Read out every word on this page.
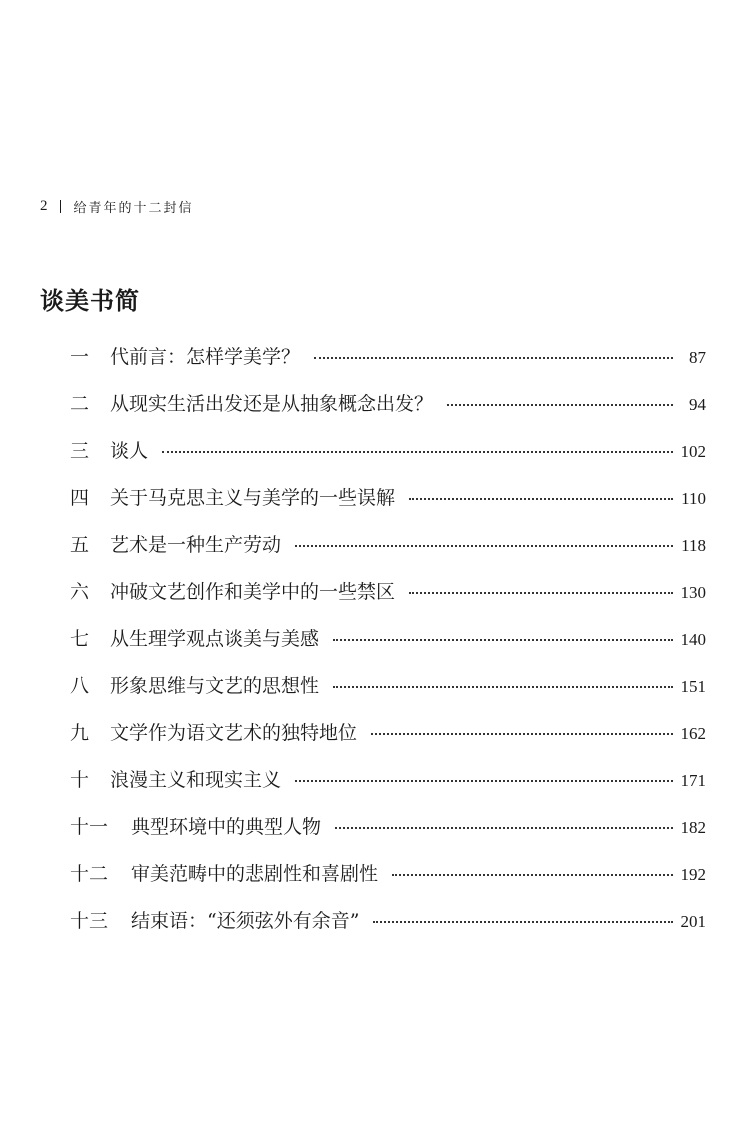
2 给青年的十二封信
谈美书简
一	代前言：怎样学美学？	87
二	从现实生活出发还是从抽象概念出发？	94
三	谈人	102
四	关于马克思主义与美学的一些误解	110
五	艺术是一种生产劳动	118
六	冲破文艺创作和美学中的一些禁区	130
七	从生理学观点谈美与美感	140
八	形象思维与文艺的思想性	151
九	文学作为语文艺术的独特地位	162
十	浪漫主义和现实主义	171
十一	典型环境中的典型人物	182
十二	审美范畴中的悲剧性和喜剧性	192
十三	结束语：“还须弦外有余音”	201
